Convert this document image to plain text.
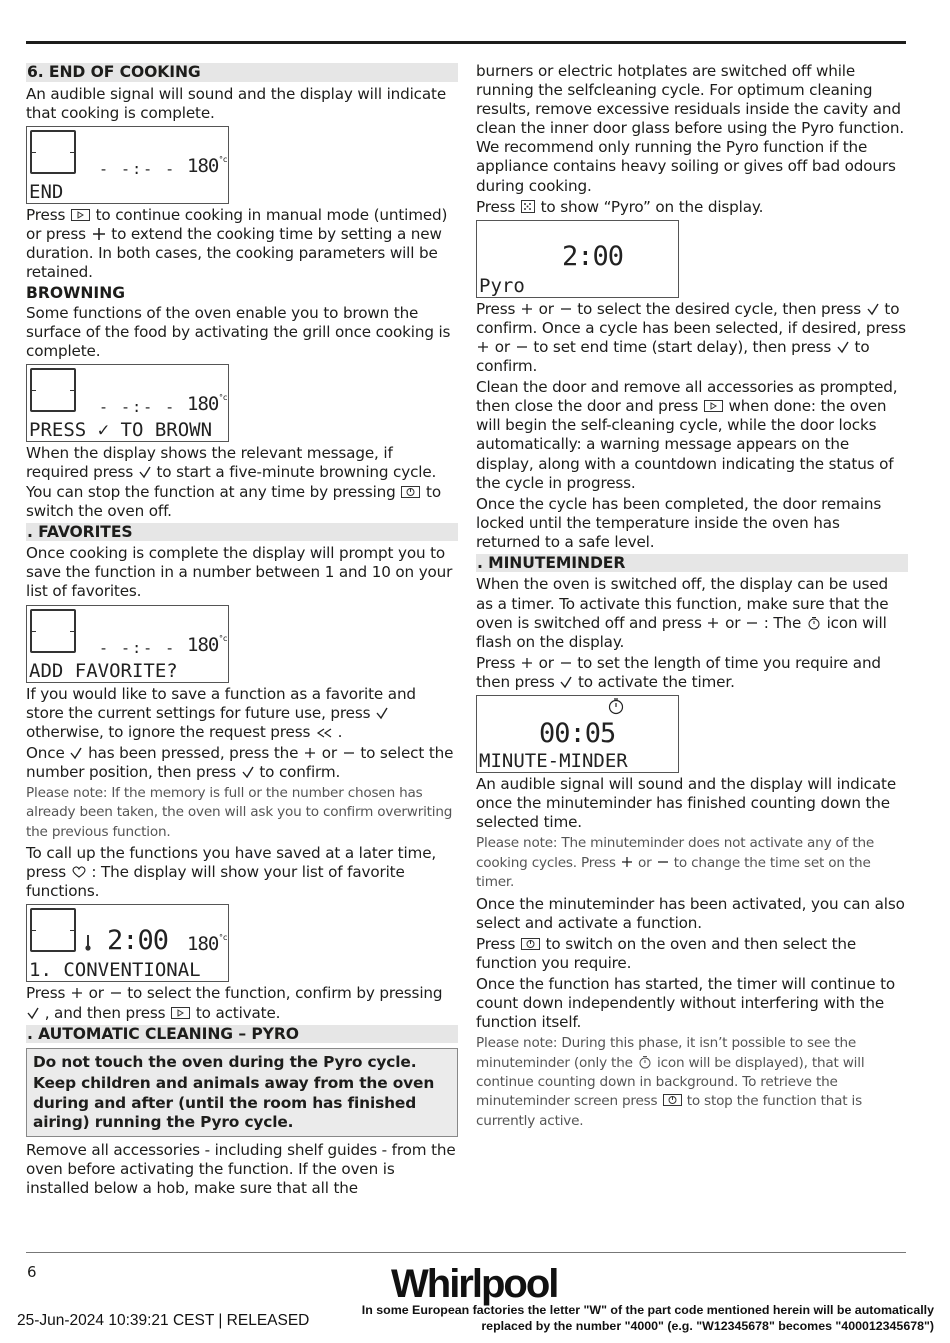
6. END OF COOKING
An audible signal will sound and the display will indicate that cooking is complete.
- -:- - 180 °c
END
Press to continue cooking in manual mode (untimed) or press to extend the cooking time by setting a new duration. In both cases, the cooking parameters will be retained.
BROWNING
Some functions of the oven enable you to brown the surface of the food by activating the grill once cooking is complete.
- -:- - 180 °c
PRESS ✓ TO BROWN
When the display shows the relevant message, if required press to start a five-minute browning cycle. You can stop the function at any time by pressing to switch the oven off.
. FAVORITES
Once cooking is complete the display will prompt you to save the function in a number between 1 and 10 on your list of favorites.
- -:- - 180 °c
ADD FAVORITE?
If you would like to save a function as a favorite and store the current settings for future use, press  otherwise, to ignore the request press .
Once has been pressed, press the or to select the number position, then press to confirm.
Please note: If the memory is full or the number chosen has already been taken, the oven will ask you to confirm overwriting the previous function.
To call up the functions you have saved at a later time, press : The display will show your list of favorite functions.
2:00 180 °c
1. CONVENTIONAL
Press or to select the function, confirm by pressing  , and then press to activate.
. AUTOMATIC CLEANING – PYRO
Do not touch the oven during the Pyro cycle.
Keep children and animals away from the oven during and after (until the room has finished airing) running the Pyro cycle.
Remove all accessories - including shelf guides - from the oven before activating the function. If the oven is installed below a hob, make sure that all the
burners or electric hotplates are switched off while running the selfcleaning cycle. For optimum cleaning results, remove excessive residuals inside the cavity and clean the inner door glass before using the Pyro function. We recommend only running the Pyro function if the appliance contains heavy soiling or gives off bad odours during cooking.
Press to show “Pyro” on the display.
2:00
Pyro
Press or to select the desired cycle, then press to confirm. Once a cycle has been selected, if desired, press  or to set end time (start delay), then press to confirm.
Clean the door and remove all accessories as prompted, then close the door and press when done: the oven will begin the self-cleaning cycle, while the door locks automatically: a warning message appears on the display, along with a countdown indicating the status of the cycle in progress.
Once the cycle has been completed, the door remains locked until the temperature inside the oven has returned to a safe level.
. MINUTEMINDER
When the oven is switched off, the display can be used as a timer. To activate this function, make sure that the oven is switched off and press or : The icon will flash on the display.
Press or to set the length of time you require and then press to activate the timer.
00:05
MINUTE-MINDER
An audible signal will sound and the display will indicate once the minuteminder has finished counting down the selected time.
Please note: The minuteminder does not activate any of the cooking cycles. Press or to change the time set on the timer.
Once the minuteminder has been activated, you can also select and activate a function.
Press to switch on the oven and then select the function you require.
Once the function has started, the timer will continue to count down independently without interfering with the function itself.
Please note: During this phase, it isn’t possible to see the minuteminder (only the icon will be displayed), that will continue counting down in background. To retrieve the minuteminder screen press to stop the function that is currently active.
6	Whirlpool
25-Jun-2024 10:39:21 CEST | RELEASED
In some European factories the letter "W" of the part code mentioned herein will be automatically
replaced by the number "4000" (e.g. "W12345678" becomes "400012345678")
